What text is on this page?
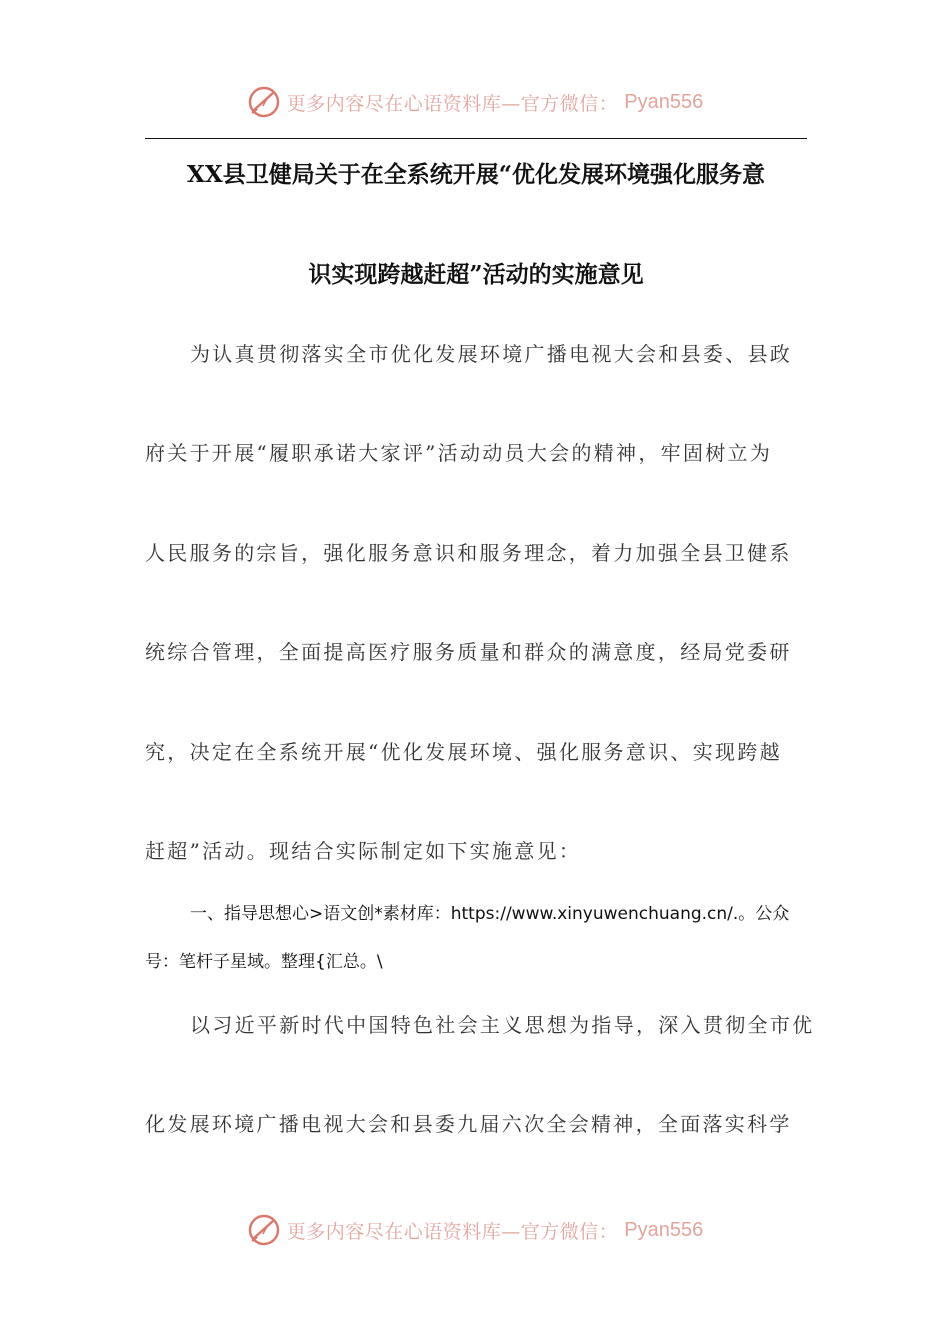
更多内容尽在心语资料库—官方微信： Pyan556
XX县卫健局关于在全系统开展“优化发展环境强化服务意
识实现跨越赶超”活动的实施意见
为认真贯彻落实全市优化发展环境广播电视大会和县委、县政
府关于开展“履职承诺大家评”活动动员大会的精神，牢固树立为
人民服务的宗旨，强化服务意识和服务理念，着力加强全县卫健系
统综合管理，全面提高医疗服务质量和群众的满意度，经局党委研
究，决定在全系统开展“优化发展环境、强化服务意识、实现跨越
赶超”活动。现结合实际制定如下实施意见：
一、指导思想心>语文创*素材库：https://www.xinyuwenchuang.cn/.。公众
号：笔杆子星域。整理{汇总。\
以习近平新时代中国特色社会主义思想为指导，深入贯彻全市优
化发展环境广播电视大会和县委九届六次全会精神，全面落实科学
更多内容尽在心语资料库—官方微信： Pyan556
